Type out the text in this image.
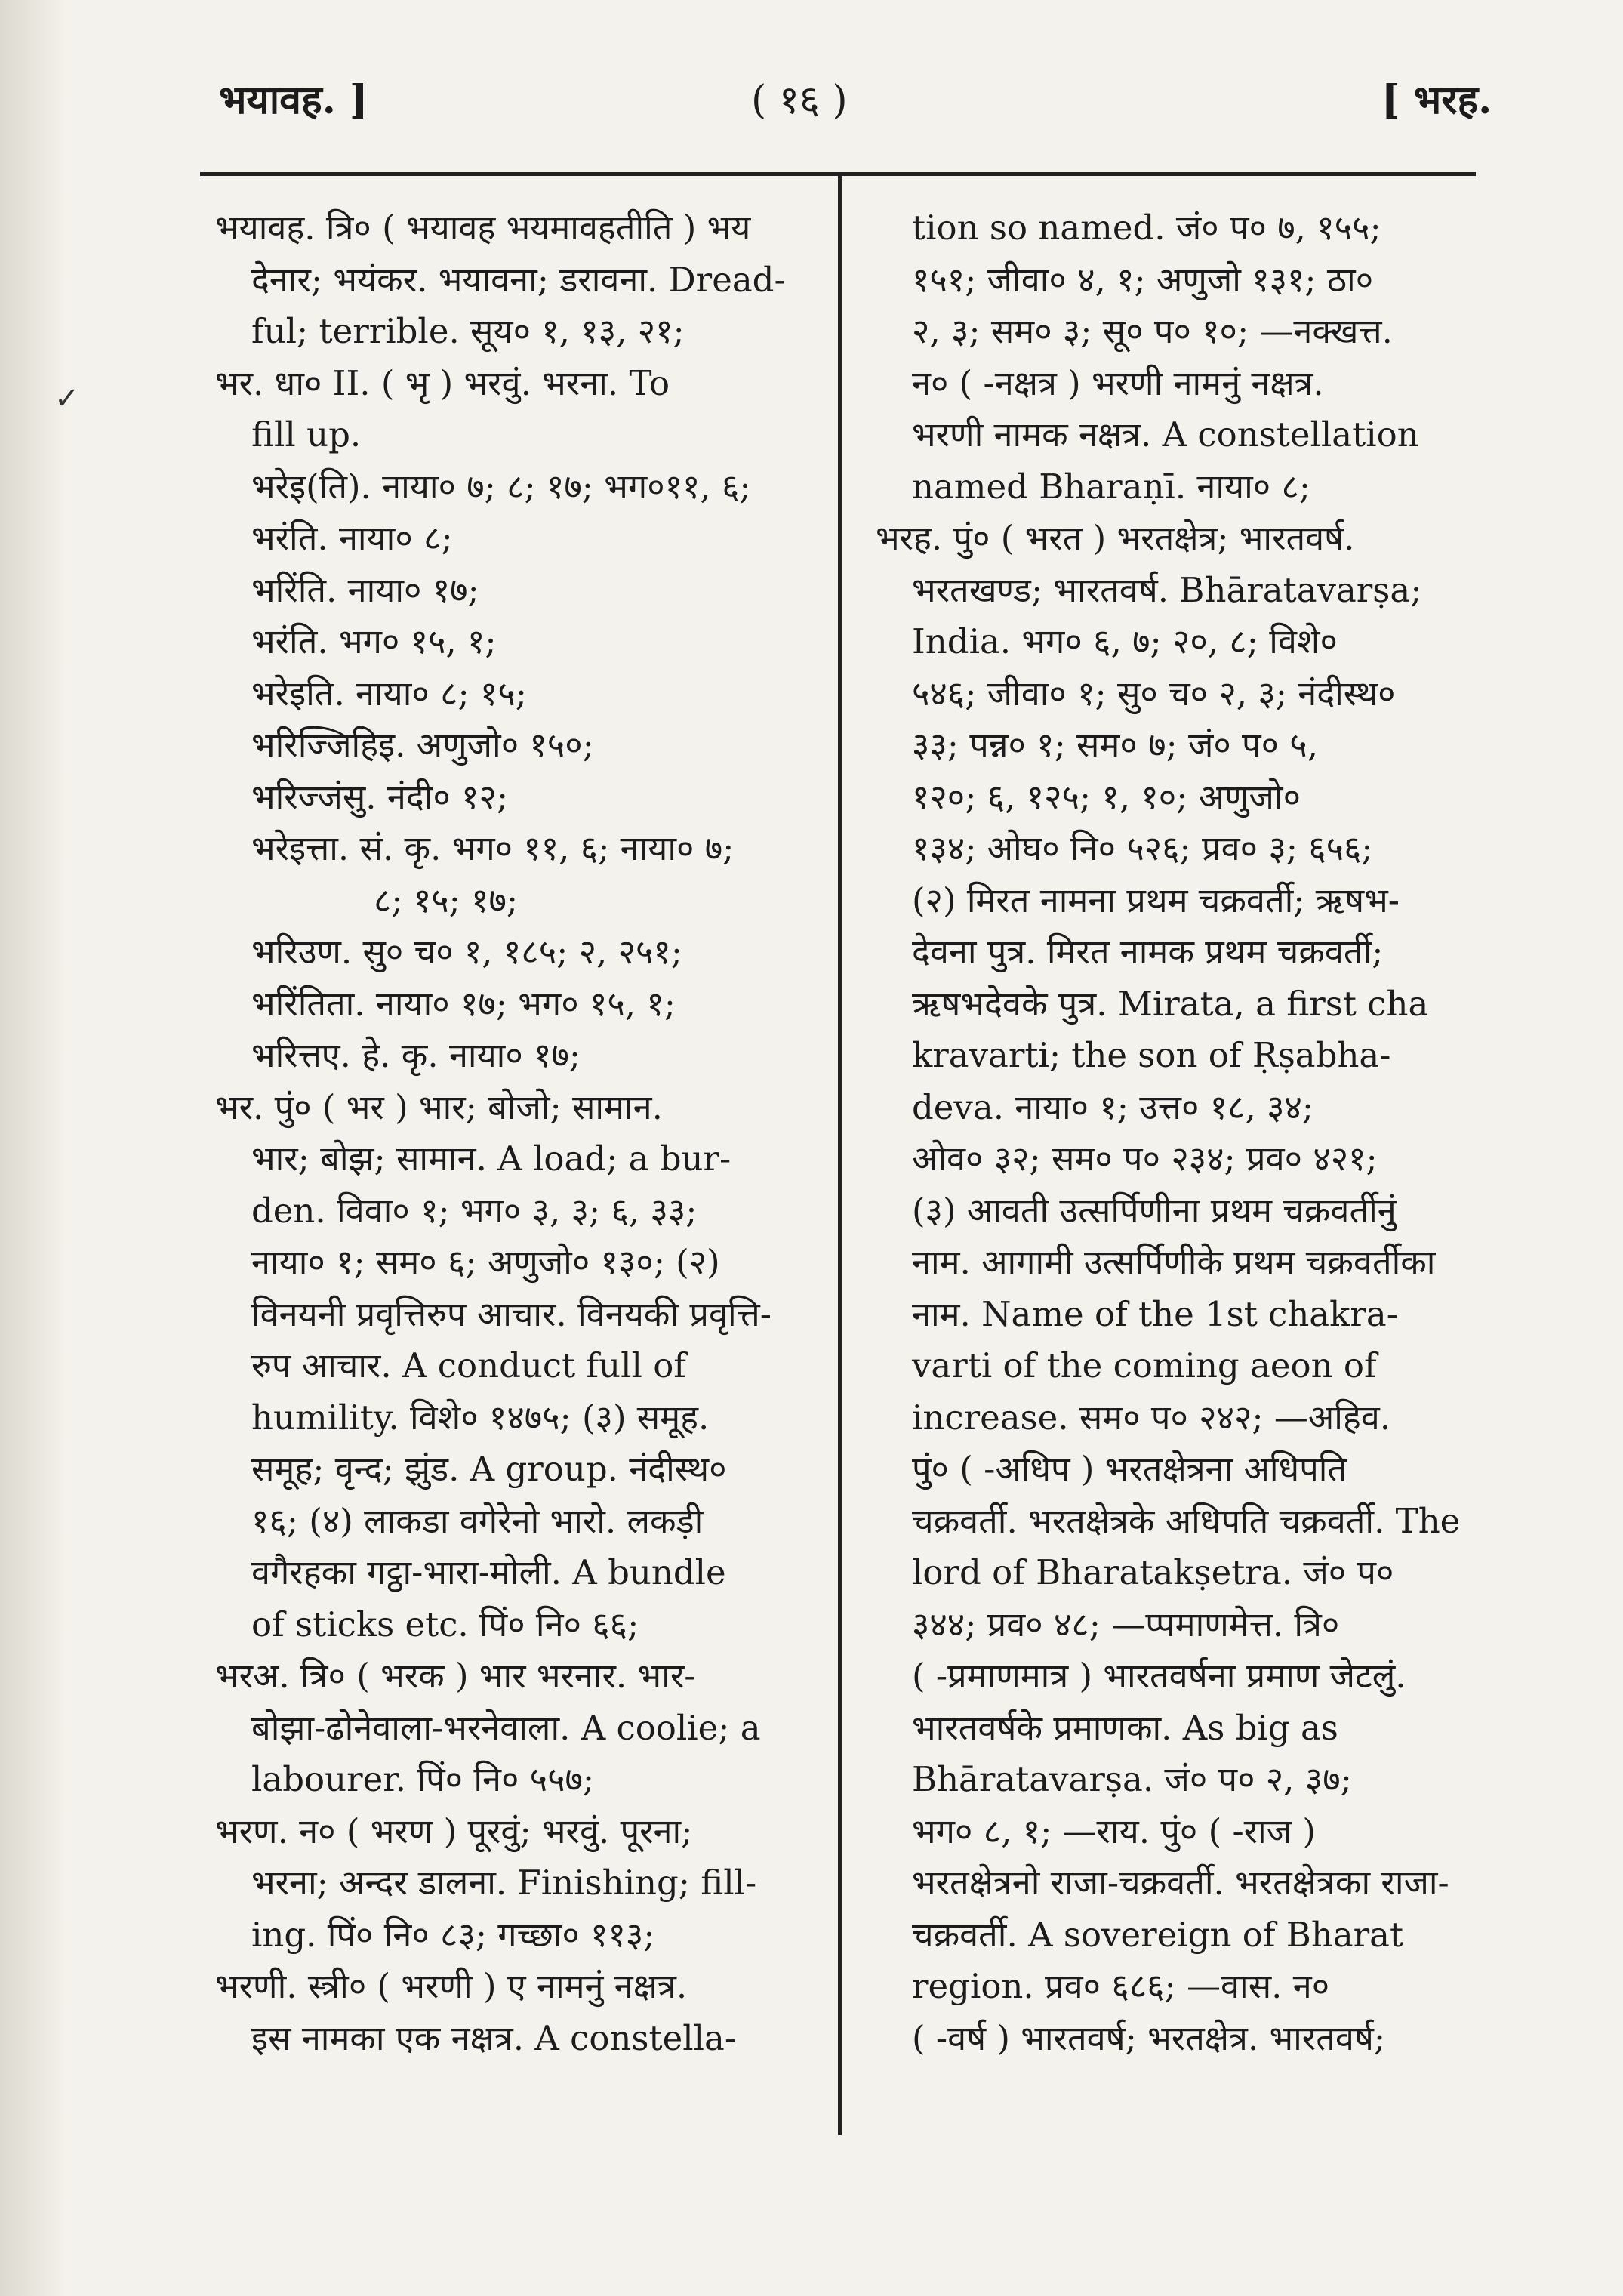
✓
भयावह. ]	( १६ )	[ भरह.
भयावह. त्रि० ( भयावह भयमावहतीति ) भय
देनार; भयंकर. भयावना; डरावना. Dread-
ful; terrible. सूय० १, १३, २१;
भर. धा० II. ( भृ ) भरवुं. भरना. To
fill up.
भरेइ(ति). नाया० ७; ८; १७; भग०११, ६;
भरंति. नाया० ८;
भरिंति. नाया० १७;
भरंति. भग० १५, १;
भरेइति. नाया० ८; १५;
भरिज्जिहिइ. अणुजो० १५०;
भरिज्जंसु. नंदी० १२;
भरेइत्ता. सं. कृ. भग० ११, ६; नाया० ७;
८; १५; १७;
भरिउण. सु० च० १, १८५; २, २५१;
भरिंतिता. नाया० १७; भग० १५, १;
भरित्तए. हे. कृ. नाया० १७;
भर. पुं० ( भर ) भार; बोजो; सामान.
भार; बोझ; सामान. A load; a bur-
den. विवा० १; भग० ३, ३; ६, ३३;
नाया० १; सम० ६; अणुजो० १३०; (२)
विनयनी प्रवृत्तिरुप आचार. विनयकी प्रवृत्ति-
रुप आचार. A conduct full of
humility. विशे० १४७५; (३) समूह.
समूह; वृन्द; झुंड. A group. नंदीस्थ०
१६; (४) लाकडा वगेरेनो भारो. लकड़ी
वगैरहका गट्ठा-भारा-मोली. A bundle
of sticks etc. पिं० नि० ६६;
भरअ. त्रि० ( भरक ) भार भरनार. भार-
बोझा-ढोनेवाला-भरनेवाला. A coolie; a
labourer. पिं० नि० ५५७;
भरण. न० ( भरण ) पूरवुं; भरवुं. पूरना;
भरना; अन्दर डालना. Finishing; fill-
ing. पिं० नि० ८३; गच्छा० ११३;
भरणी. स्त्री० ( भरणी ) ए नामनुं नक्षत्र.
इस नामका एक नक्षत्र. A constella-
tion so named. जं० प० ७, १५५;
१५१; जीवा० ४, १; अणुजो १३१; ठा०
२, ३; सम० ३; सू० प० १०; —नक्खत्त.
न० ( -नक्षत्र ) भरणी नामनुं नक्षत्र.
भरणी नामक नक्षत्र. A constellation
named Bharaṇī. नाया० ८;
भरह. पुं० ( भरत ) भरतक्षेत्र; भारतवर्ष.
भरतखण्ड; भारतवर्ष. Bhāratavarṣa;
India. भग० ६, ७; २०, ८; विशे०
५४६; जीवा० १; सु० च० २, ३; नंदीस्थ०
३३; पन्न० १; सम० ७; जं० प० ५,
१२०; ६, १२५; १, १०; अणुजो०
१३४; ओघ० नि० ५२६; प्रव० ३; ६५६;
(२) मिरत नामना प्रथम चक्रवर्ती; ऋषभ-
देवना पुत्र. मिरत नामक प्रथम चक्रवर्ती;
ऋषभदेवके पुत्र. Mirata, a first cha
kravarti; the son of Ṛṣabha-
deva. नाया० १; उत्त० १८, ३४;
ओव० ३२; सम० प० २३४; प्रव० ४२१;
(३) आवती उत्सर्पिणीना प्रथम चक्रवर्तीनुं
नाम. आगामी उत्सर्पिणीके प्रथम चक्रवर्तीका
नाम. Name of the 1st chakra-
varti of the coming aeon of
increase. सम० प० २४२; —अहिव.
पुं० ( -अधिप ) भरतक्षेत्रना अधिपति
चक्रवर्ती. भरतक्षेत्रके अधिपति चक्रवर्ती. The
lord of Bharatakṣetra. जं० प०
३४४; प्रव० ४८; —प्पमाणमेत्त. त्रि०
( -प्रमाणमात्र ) भारतवर्षना प्रमाण जेटलुं.
भारतवर्षके प्रमाणका. As big as
Bhāratavarṣa. जं० प० २, ३७;
भग० ८, १; —राय. पुं० ( -राज )
भरतक्षेत्रनो राजा-चक्रवर्ती. भरतक्षेत्रका राजा-
चक्रवर्ती. A sovereign of Bharat
region. प्रव० ६८६; —वास. न०
( -वर्ष ) भारतवर्ष; भरतक्षेत्र. भारतवर्ष;
